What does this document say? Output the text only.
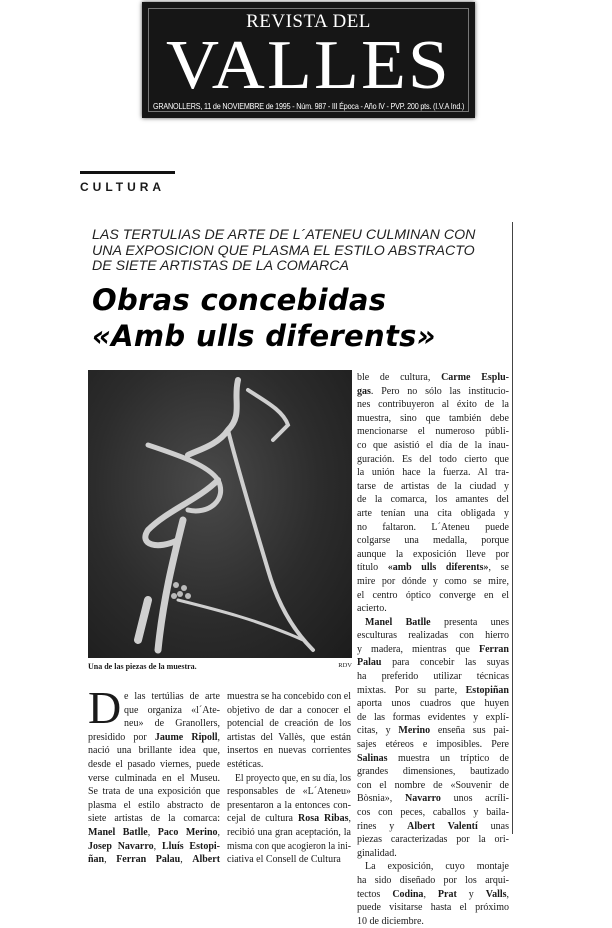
REVISTA DEL
VALLES
GRANOLLERS, 11 de NOVIEMBRE de 1995 - Núm. 987 - III Época - Año IV - PVP. 200 pts. (I.V.A Ind.)
CULTURA
LAS TERTULIAS DE ARTE DE L´ATENEU CULMINAN CON
UNA EXPOSICION QUE PLASMA EL ESTILO ABSTRACTO
DE SIETE ARTISTAS DE LA COMARCA
Obras concebidas
«Amb ulls diferents»
Una de las piezas de la muestra.	RDV
D e las tertúlias de arte
que organiza «l´Ate-
neu» de Granollers,
presidido por Jaume Ripoll,
nació una brillante idea que,
desde el pasado viernes, puede
verse culminada en el Museu.
Se trata de una exposición que
plasma el estilo abstracto de
siete artistas de la comarca:
Manel Batlle, Paco Merino,
Josep Navarro, Lluís Estopi-
ñan, Ferran Palau, Albert
muestra se ha concebido con el
objetivo de dar a conocer el
potencial de creación de los
artistas del Vallès, que están
insertos en nuevas corrientes
estéticas.
El proyecto que, en su día, los
responsables de «L´Ateneu»
presentaron a la entonces con-
cejal de cultura Rosa Ribas,
recibió una gran aceptación, la
misma con que acogieron la ini-
ciativa el Consell de Cultura
ble de cultura, Carme Esplu-
gas. Pero no sólo las institucio-
nes contribuyeron al éxito de la
muestra, sino que también debe
mencionarse el numeroso públi-
co que asistió el día de la inau-
guración. Es del todo cierto que
la unión hace la fuerza. Al tra-
tarse de artistas de la ciudad y
de la comarca, los amantes del
arte tenían una cita obligada y
no faltaron. L´Ateneu puede
colgarse una medalla, porque
aunque la exposición lleve por
título «amb ulls diferents», se
mire por dónde y como se mire,
el centro óptico converge en el
acierto.
Manel Batlle presenta unes
esculturas realizadas con hierro
y madera, mientras que Ferran
Palau para concebir las suyas
ha preferido utilizar técnicas
mixtas. Por su parte, Estopiñan
aporta unos cuadros que huyen
de las formas evidentes y explí-
citas, y Merino enseña sus pai-
sajes etéreos e imposibles. Pere
Salinas muestra un tríptico de
grandes dimensiones, bautizado
con el nombre de «Souvenir de
Bòsnia», Navarro unos acríli-
cos con peces, caballos y baila-
rines y Albert Valentí unas
piezas caracterizadas por la ori-
ginalidad.
La exposición, cuyo montaje
ha sido diseñado por los arqui-
tectos Codina, Prat y Valls,
puede visitarse hasta el próximo
10 de diciembre.
